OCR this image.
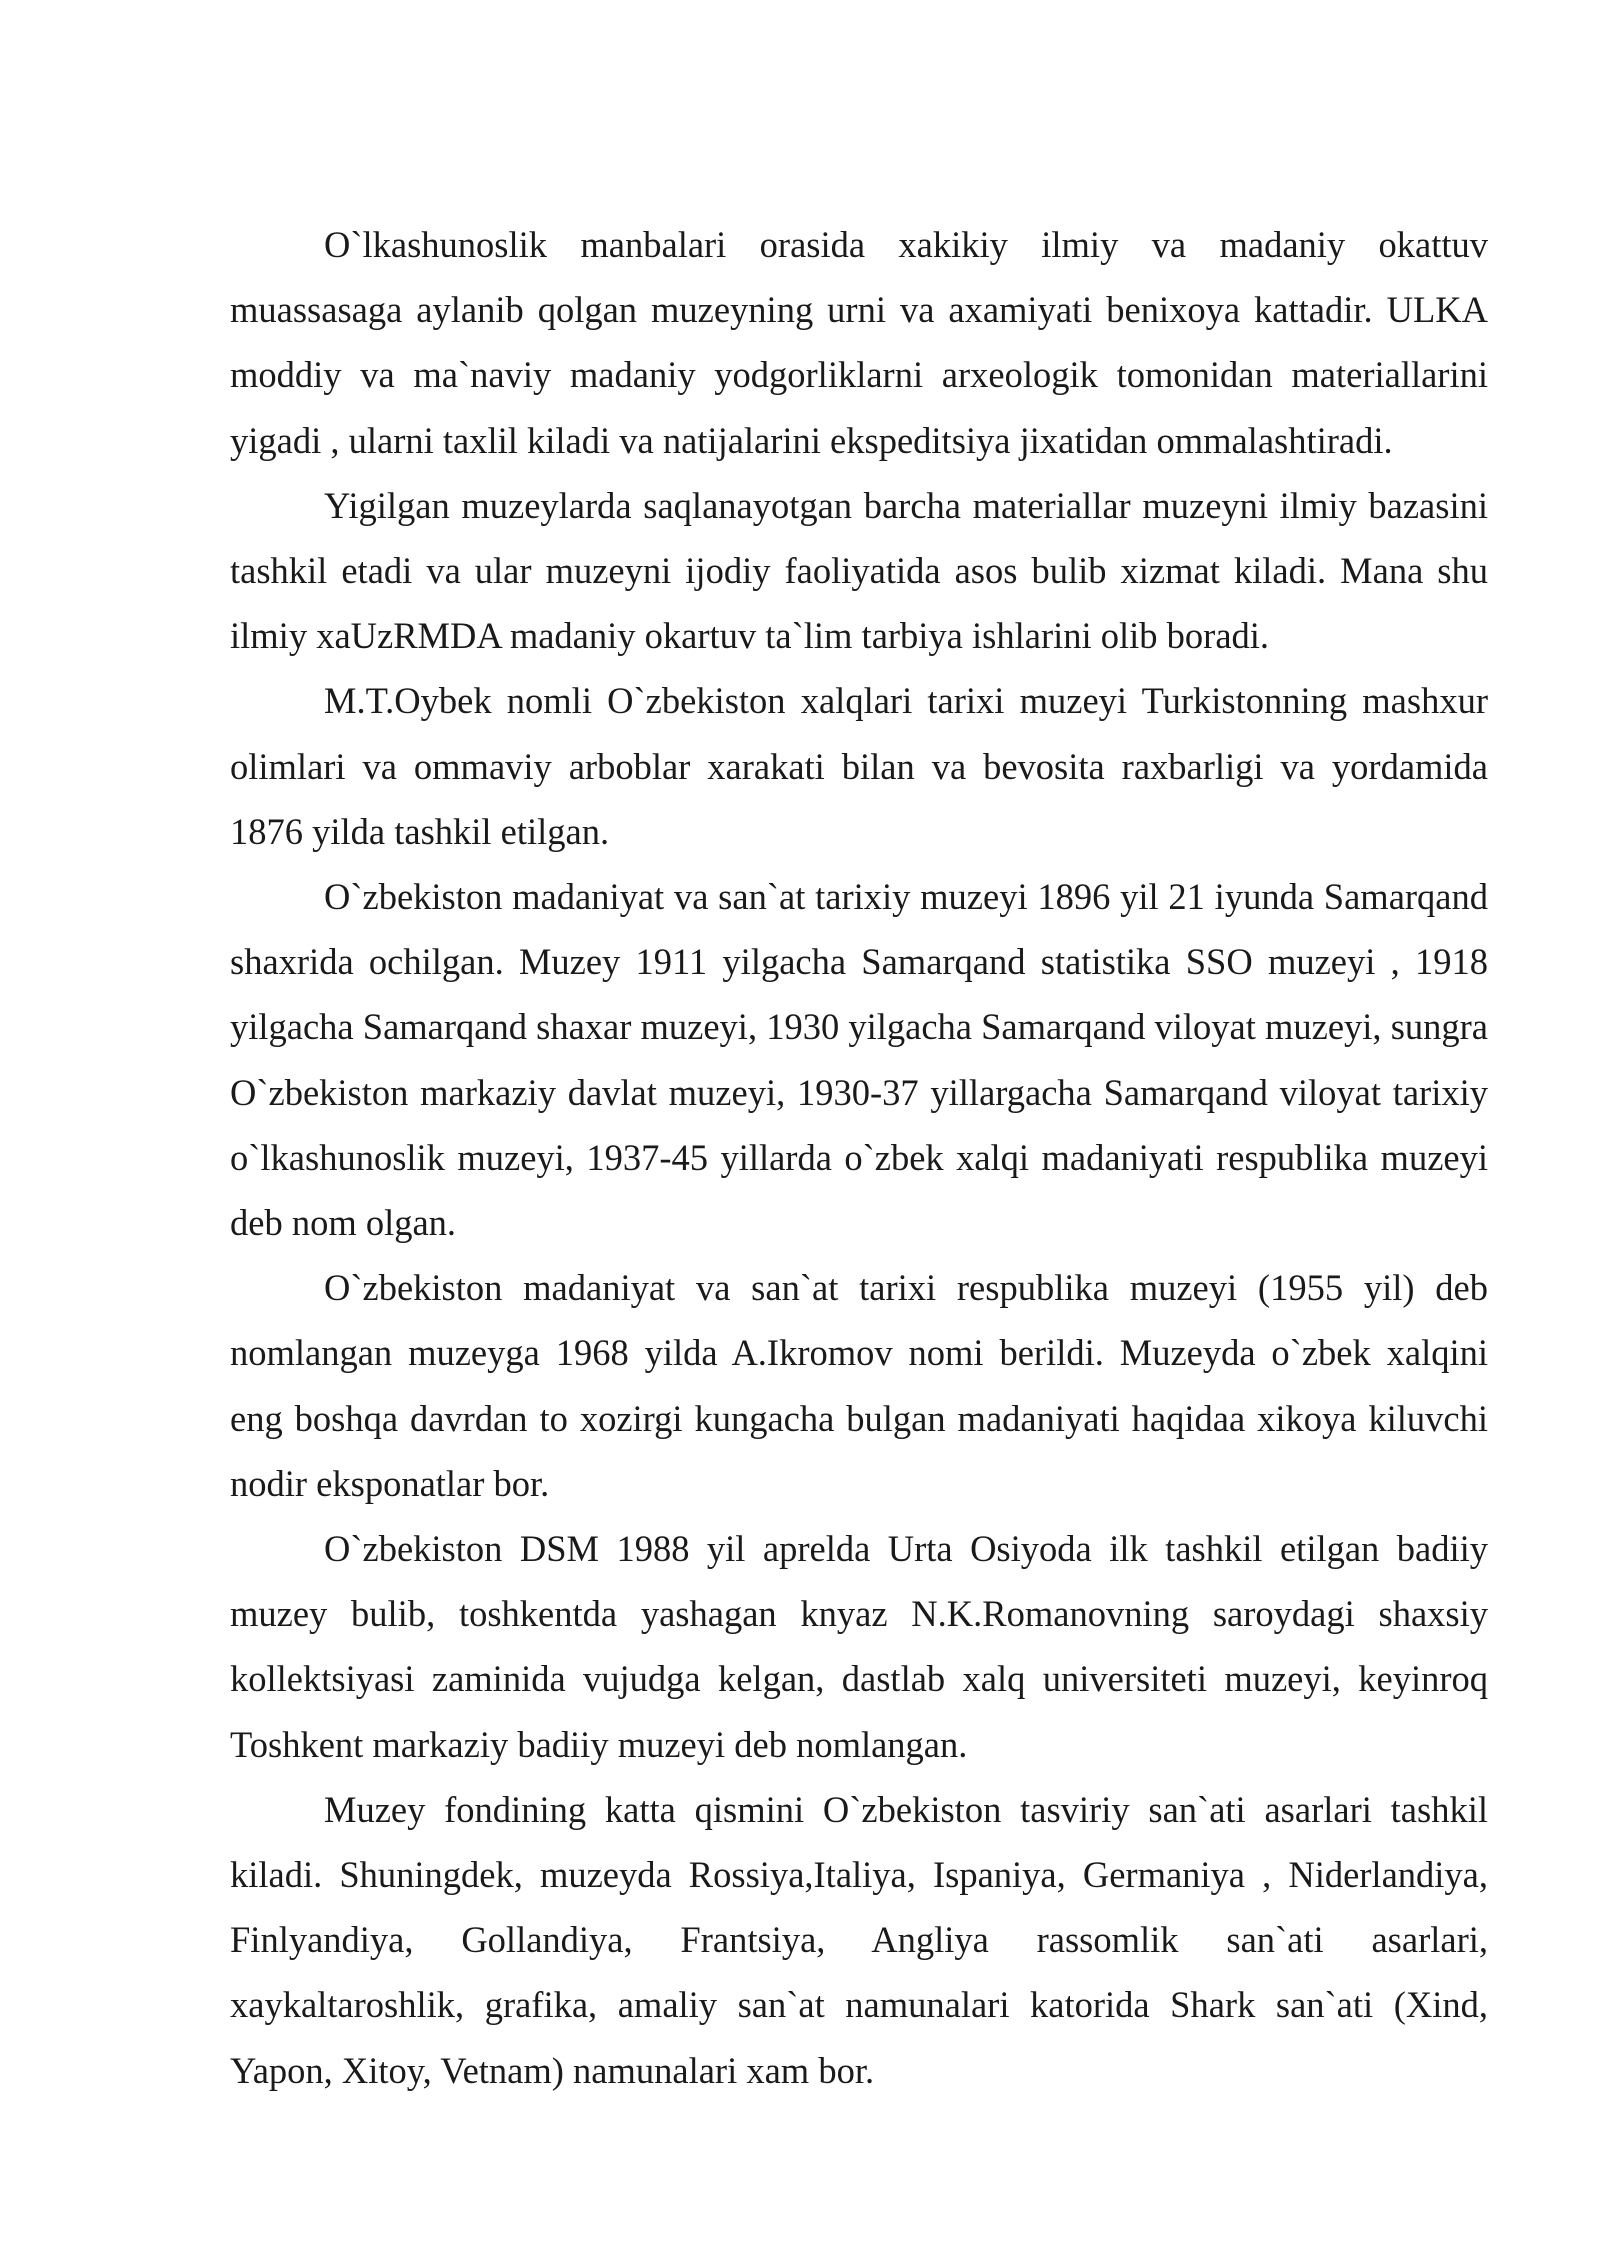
O`lkashunoslik manbalari orasida xakikiy ilmiy va madaniy okattuv muassasaga aylanib qolgan muzeyning urni va axamiyati benixoya kattadir. ULKA moddiy va ma`naviy madaniy yodgorliklarni arxeologik tomonidan materiallarini yigadi , ularni taxlil kiladi va natijalarini ekspeditsiya jixatidan ommalashtiradi.

Yigilgan muzeylarda saqlanayotgan barcha materiallar muzeyni ilmiy bazasini tashkil etadi va ular muzeyni ijodiy faoliyatida asos bulib xizmat kiladi. Mana shu ilmiy xaUzRMDA madaniy okartuv ta`lim tarbiya ishlarini olib boradi.

M.T.Oybek nomli O`zbekiston xalqlari tarixi muzeyi Turkistonning mashxur olimlari va ommaviy arboblar xarakati bilan va bevosita raxbarligi va yordamida 1876 yilda tashkil etilgan.

O`zbekiston madaniyat va san`at tarixiy muzeyi 1896 yil 21 iyunda Samarqand shaxrida ochilgan. Muzey 1911 yilgacha Samarqand statistika SSO muzeyi , 1918 yilgacha Samarqand shaxar muzeyi, 1930 yilgacha Samarqand viloyat muzeyi, sungra O`zbekiston markaziy davlat muzeyi, 1930-37 yillargacha Samarqand viloyat tarixiy o`lkashunoslik muzeyi, 1937-45 yillarda o`zbek xalqi madaniyati respublika muzeyi deb nom olgan.

O`zbekiston madaniyat va san`at tarixi respublika muzeyi (1955 yil) deb nomlangan muzeyga 1968 yilda A.Ikromov nomi berildi. Muzeyda o`zbek xalqini eng boshqa davrdan to xozirgi kungacha bulgan madaniyati haqidaa xikoya kiluvchi nodir eksponatlar bor.

O`zbekiston DSM 1988 yil aprelda Urta Osiyoda ilk tashkil etilgan badiiy muzey bulib, toshkentda yashagan knyaz N.K.Romanovning saroydagi shaxsiy kollektsiyasi zaminida vujudga kelgan, dastlab xalq universiteti muzeyi, keyinroq Toshkent markaziy badiiy muzeyi deb nomlangan.

Muzey fondining katta qismini O`zbekiston tasviriy san`ati asarlari tashkil kiladi. Shuningdek, muzeyda Rossiya,Italiya, Ispaniya, Germaniya , Niderlandiya, Finlyandiya, Gollandiya, Frantsiya, Angliya rassomlik san`ati asarlari, xaykaltaroshlik, grafika, amaliy san`at namunalari katorida Shark san`ati (Xind, Yapon, Xitoy, Vetnam) namunalari xam bor.
